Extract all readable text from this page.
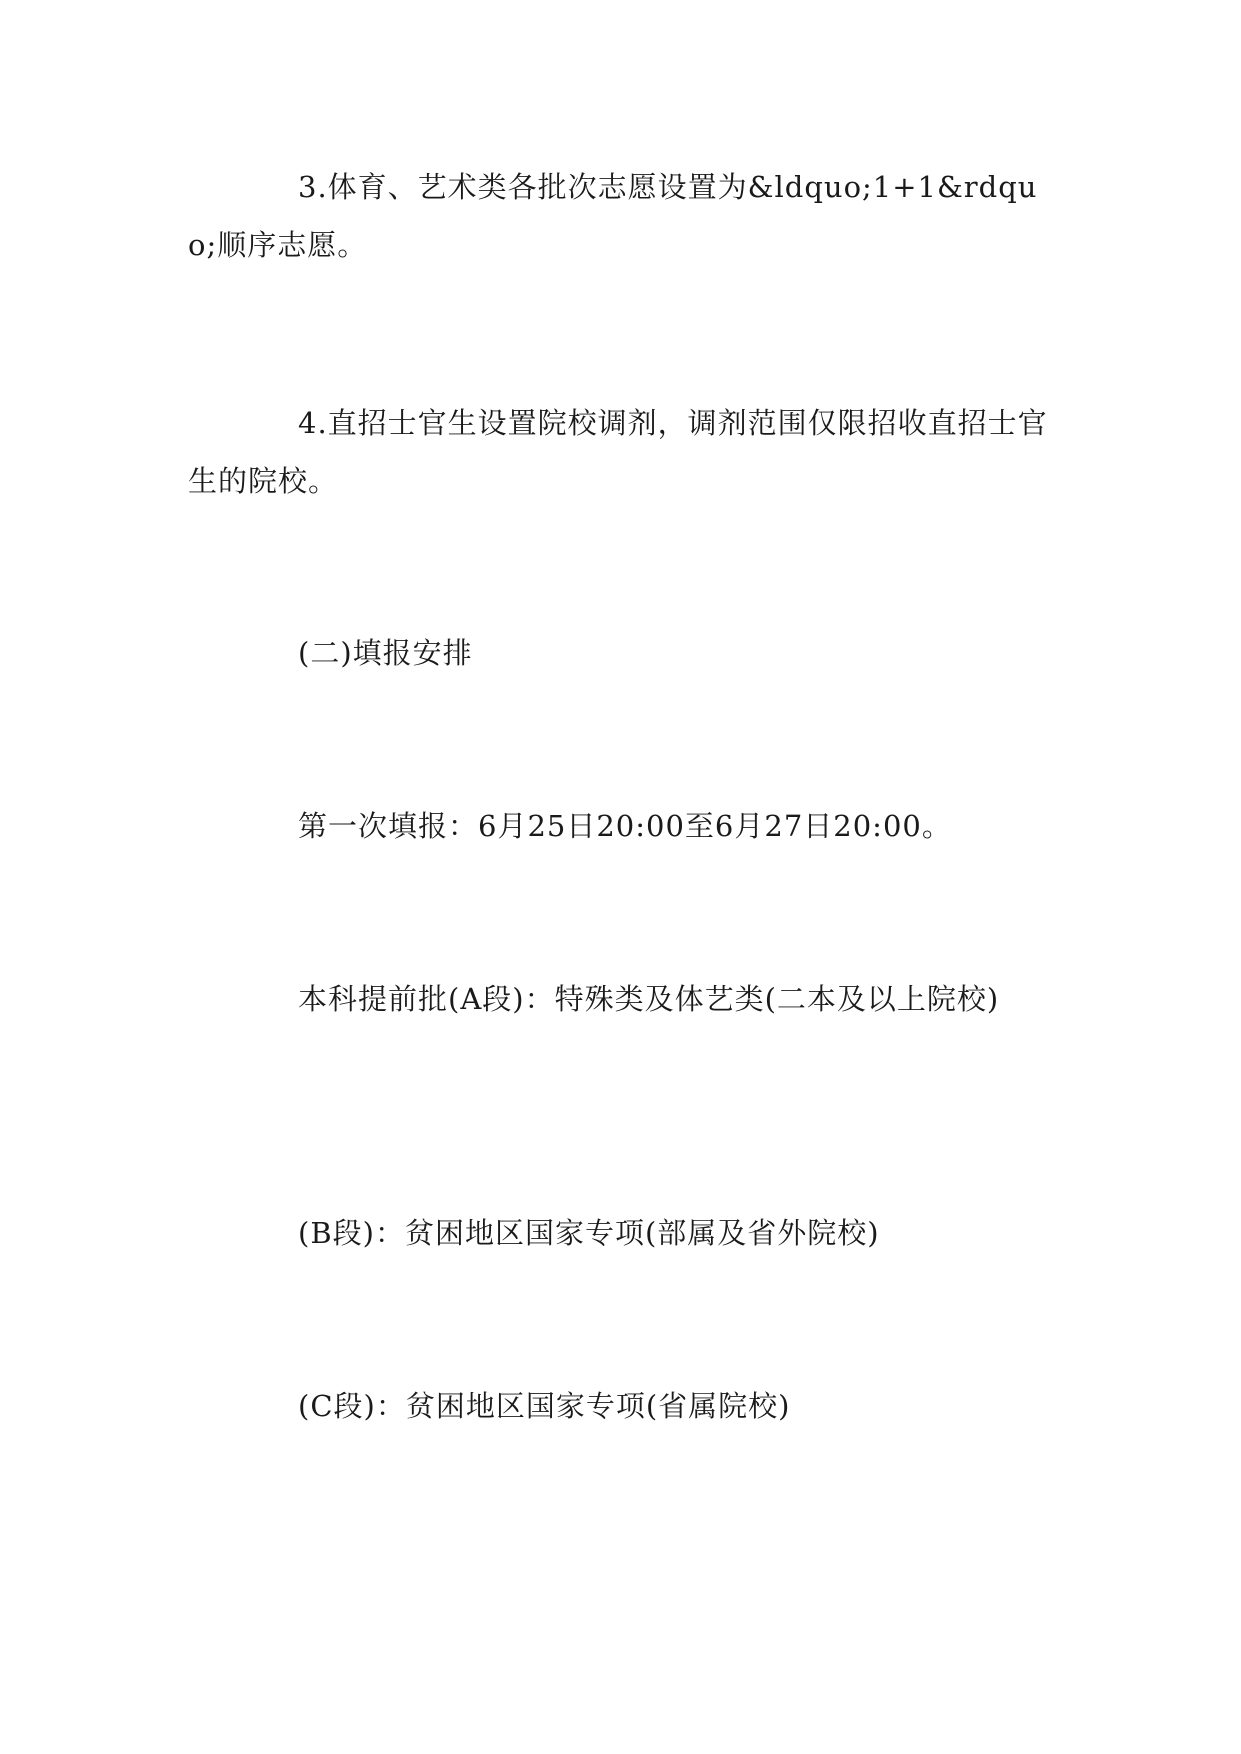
3.体育、艺术类各批次志愿设置为&ldquo;1+1&rdquo;顺序志愿。

4.直招士官生设置院校调剂，调剂范围仅限招收直招士官生的院校。

(二)填报安排

第一次填报：6月25日20:00至6月27日20:00。

本科提前批(A段)：特殊类及体艺类(二本及以上院校)

(B段)：贫困地区国家专项(部属及省外院校)

(C段)：贫困地区国家专项(省属院校)
